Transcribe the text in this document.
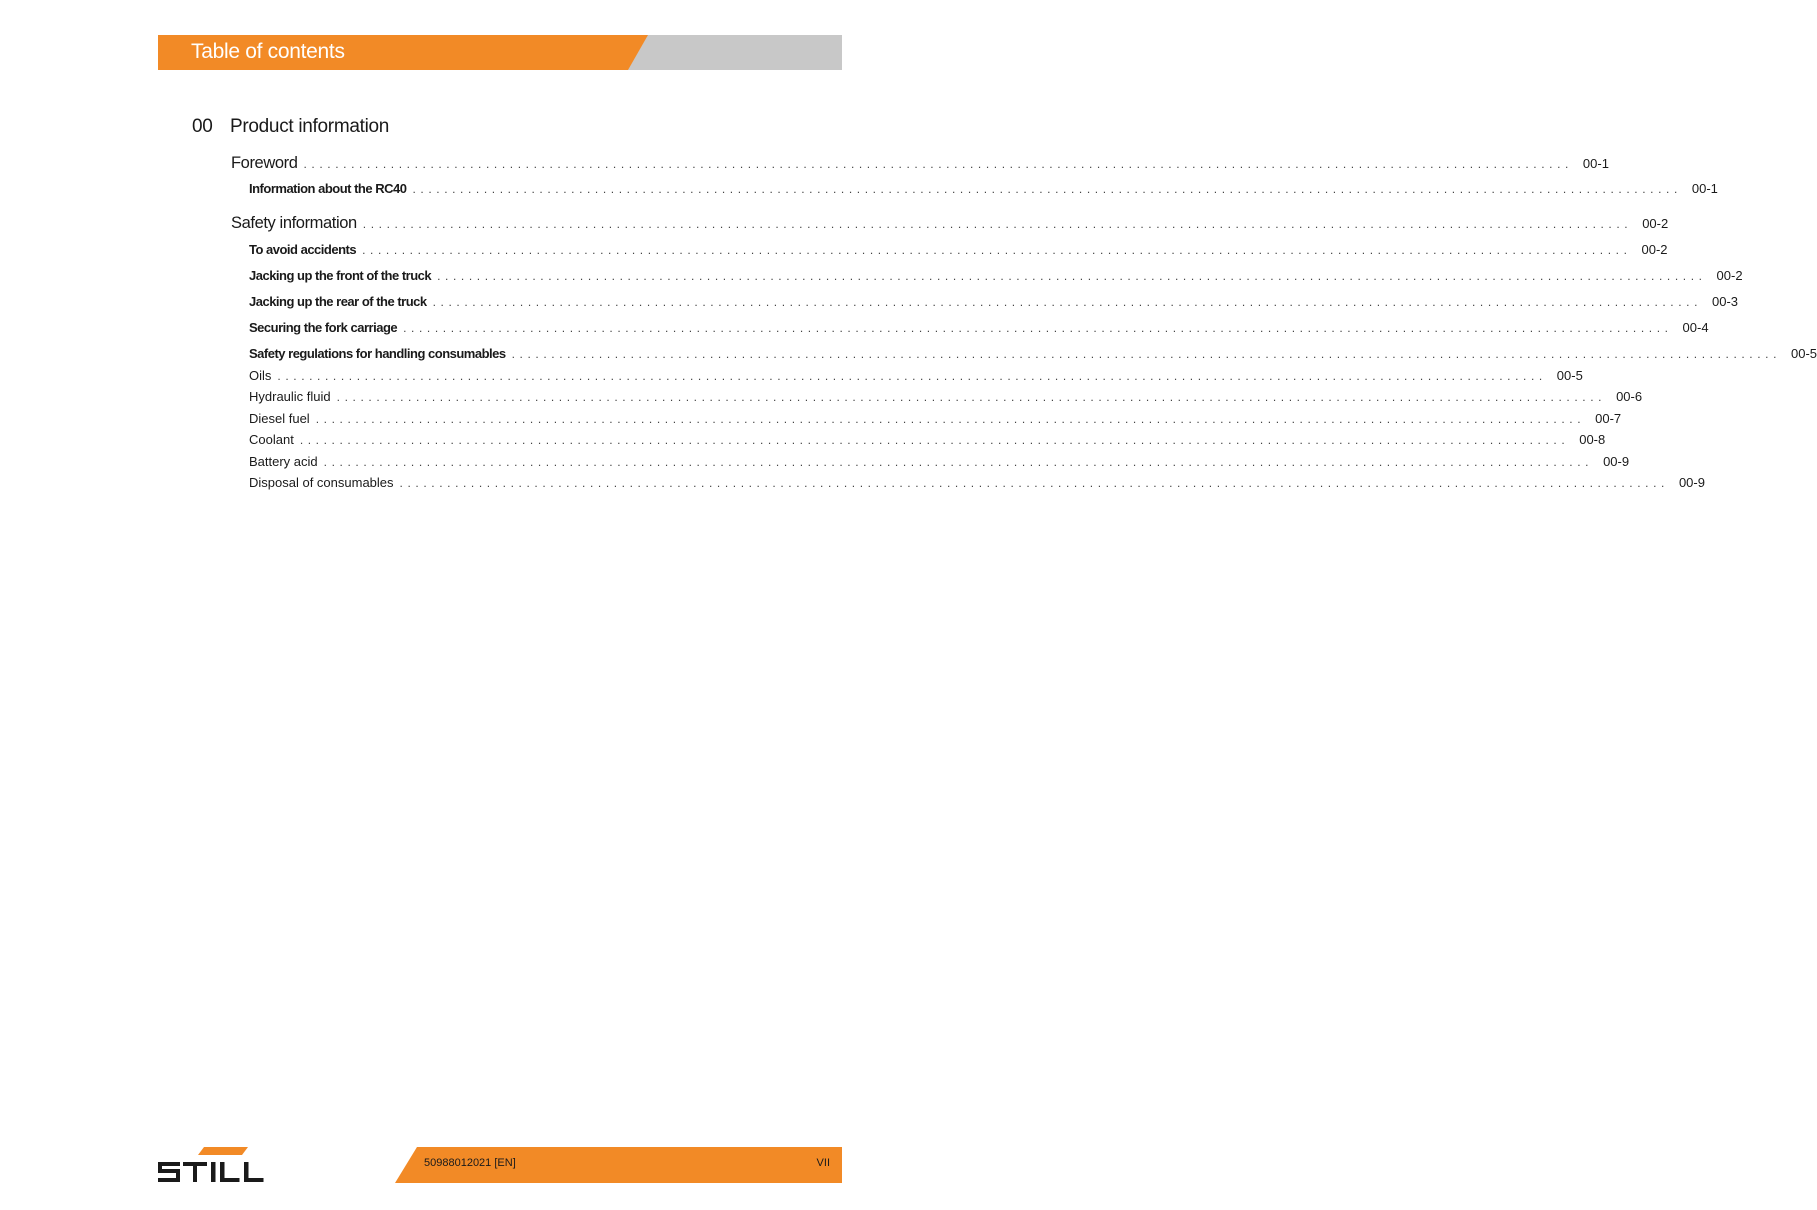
Table of contents
00 Product information
Foreword ................................................................................................................................................................ 00-1
Information about the RC40 ................................................................................................................................................................ 00-1
Safety information ................................................................................................................................................................ 00-2
To avoid accidents ................................................................................................................................................................ 00-2
Jacking up the front of the truck ................................................................................................................................................................ 00-2
Jacking up the rear of the truck ................................................................................................................................................................ 00-3
Securing the fork carriage ................................................................................................................................................................ 00-4
Safety regulations for handling consumables ................................................................................................................................................................ 00-5
Oils ................................................................................................................................................................ 00-5
Hydraulic fluid ................................................................................................................................................................ 00-6
Diesel fuel ................................................................................................................................................................ 00-7
Coolant ................................................................................................................................................................ 00-8
Battery acid ................................................................................................................................................................ 00-9
Disposal of consumables ................................................................................................................................................................ 00-9
50988012021 [EN]	VII
